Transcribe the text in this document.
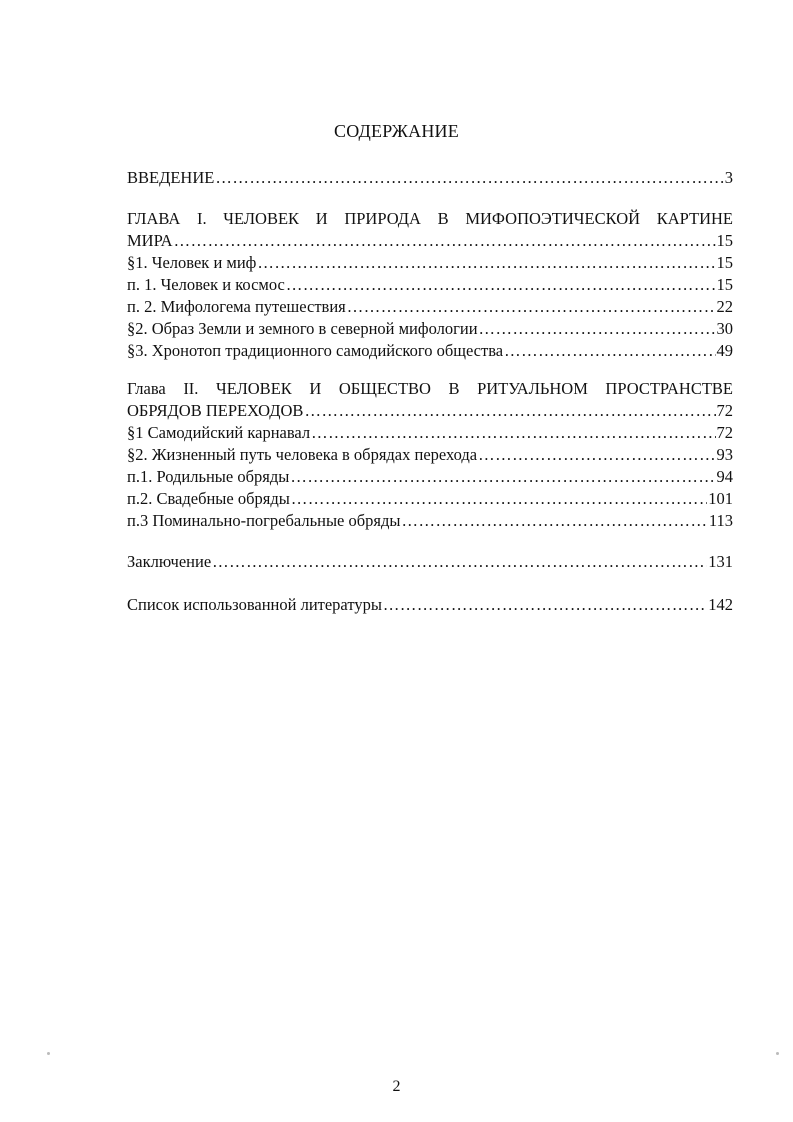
СОДЕРЖАНИЕ
ВВЕДЕНИЕ ………………………………………………………………………………………………………………………………………………	3
ГЛАВА I. ЧЕЛОВЕК И ПРИРОДА В МИФОПОЭТИЧЕСКОЙ КАРТИНЕ
МИРА ………………………………………………………………………………………………………………………………………………	15
§1. Человек и миф ………………………………………………………………………………………………………………………………………………	15
п. 1. Человек и космос ………………………………………………………………………………………………………………………………………………	15
п. 2. Мифологема путешествия ………………………………………………………………………………………………………………………………………………	22
§2. Образ Земли и земного в северной мифологии ………………………………………………………………………………………………………………………………………………	30
§3. Хронотоп традиционного самодийского общества ………………………………………………………………………………………………………………………………………………	49
Глава II. ЧЕЛОВЕК И ОБЩЕСТВО В РИТУАЛЬНОМ ПРОСТРАНСТВЕ
ОБРЯДОВ ПЕРЕХОДОВ ………………………………………………………………………………………………………………………………………………	72
§1 Самодийский карнавал ………………………………………………………………………………………………………………………………………………	72
§2. Жизненный путь человека в обрядах перехода ………………………………………………………………………………………………………………………………………………	93
п.1. Родильные обряды ………………………………………………………………………………………………………………………………………………	94
п.2. Свадебные обряды ………………………………………………………………………………………………………………………………………………	101
п.3 Поминально-погребальные обряды ………………………………………………………………………………………………………………………………………………	113
Заключение ………………………………………………………………………………………………………………………………………………	131
Список использованной литературы ………………………………………………………………………………………………………………………………………………	142
2
